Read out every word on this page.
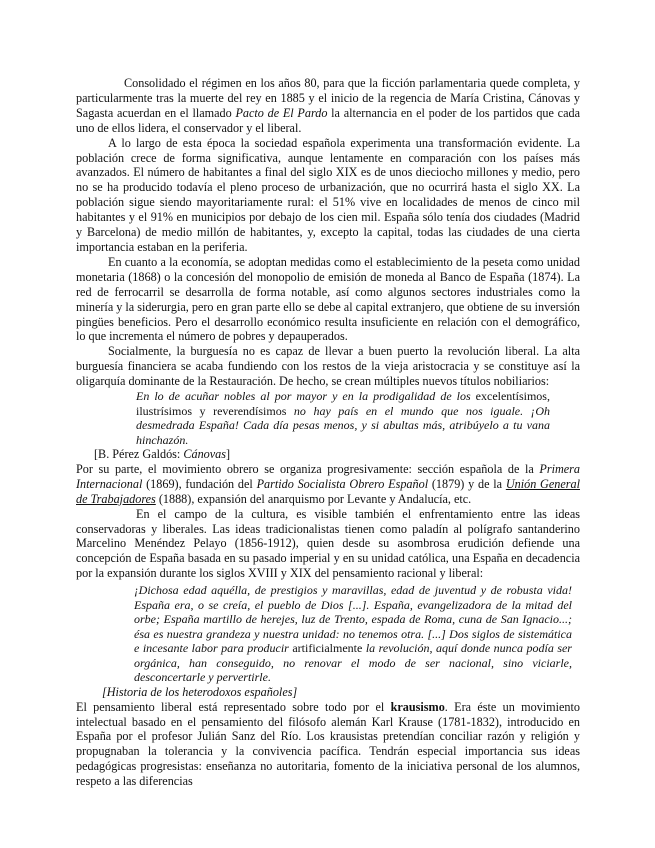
Consolidado el régimen en los años 80, para que la ficción parlamentaria quede completa, y particularmente tras la muerte del rey en 1885 y el inicio de la regencia de María Cristina, Cánovas y Sagasta acuerdan en el llamado Pacto de El Pardo la alternancia en el poder de los partidos que cada uno de ellos lidera, el conservador y el liberal.

A lo largo de esta época la sociedad española experimenta una transformación evidente. La población crece de forma significativa, aunque lentamente en comparación con los países más avanzados. El número de habitantes a final del siglo XIX es de unos dieciocho millones y medio, pero no se ha producido todavía el pleno proceso de urbanización, que no ocurrirá hasta el siglo XX. La población sigue siendo mayoritariamente rural: el 51% vive en localidades de menos de cinco mil habitantes y el 91% en municipios por debajo de los cien mil. España sólo tenía dos ciudades (Madrid y Barcelona) de medio millón de habitantes, y, excepto la capital, todas las ciudades de una cierta importancia estaban en la periferia.

En cuanto a la economía, se adoptan medidas como el establecimiento de la peseta como unidad monetaria (1868) o la concesión del monopolio de emisión de moneda al Banco de España (1874). La red de ferrocarril se desarrolla de forma notable, así como algunos sectores industriales como la minería y la siderurgia, pero en gran parte ello se debe al capital extranjero, que obtiene de su inversión pingües beneficios. Pero el desarrollo económico resulta insuficiente en relación con el demográfico, lo que incrementa el número de pobres y depauperados.

Socialmente, la burguesía no es capaz de llevar a buen puerto la revolución liberal. La alta burguesía financiera se acaba fundiendo con los restos de la vieja aristocracia y se constituye así la oligarquía dominante de la Restauración. De hecho, se crean múltiples nuevos títulos nobiliarios:

En lo de acuñar nobles al por mayor y en la prodigalidad de los excelentísimos, ilustrísimos y reverendísimos no hay país en el mundo que nos iguale. ¡Oh desmedrada España! Cada día pesas menos, y si abultas más, atribúyelo a tu vana hinchazón.
[B. Pérez Galdós: Cánovas]

Por su parte, el movimiento obrero se organiza progresivamente: sección española de la Primera Internacional (1869), fundación del Partido Socialista Obrero Español (1879) y de la Unión General de Trabajadores (1888), expansión del anarquismo por Levante y Andalucía, etc.

En el campo de la cultura, es visible también el enfrentamiento entre las ideas conservadoras y liberales. Las ideas tradicionalistas tienen como paladín al polígrafo santanderino Marcelino Menéndez Pelayo (1856-1912), quien desde su asombrosa erudición defiende una concepción de España basada en su pasado imperial y en su unidad católica, una España en decadencia por la expansión durante los siglos XVIII y XIX del pensamiento racional y liberal:

¡Dichosa edad aquélla, de prestigios y maravillas, edad de juventud y de robusta vida! España era, o se creía, el pueblo de Dios [...]. España, evangelizadora de la mitad del orbe; España martillo de herejes, luz de Trento, espada de Roma, cuna de San Ignacio...; ésa es nuestra grandeza y nuestra unidad: no tenemos otra. [...] Dos siglos de sistemática e incesante labor para producir artificialmente la revolución, aquí donde nunca podía ser orgánica, han conseguido, no renovar el modo de ser nacional, sino viciarle, desconcertarle y pervertirle.
[Historia de los heterodoxos españoles]

El pensamiento liberal está representado sobre todo por el krausismo. Era éste un movimiento intelectual basado en el pensamiento del filósofo alemán Karl Krause (1781-1832), introducido en España por el profesor Julián Sanz del Río. Los krausistas pretendían conciliar razón y religión y propugnaban la tolerancia y la convivencia pacífica. Tendrán especial importancia sus ideas pedagógicas progresistas: enseñanza no autoritaria, fomento de la iniciativa personal de los alumnos, respeto a las diferencias
